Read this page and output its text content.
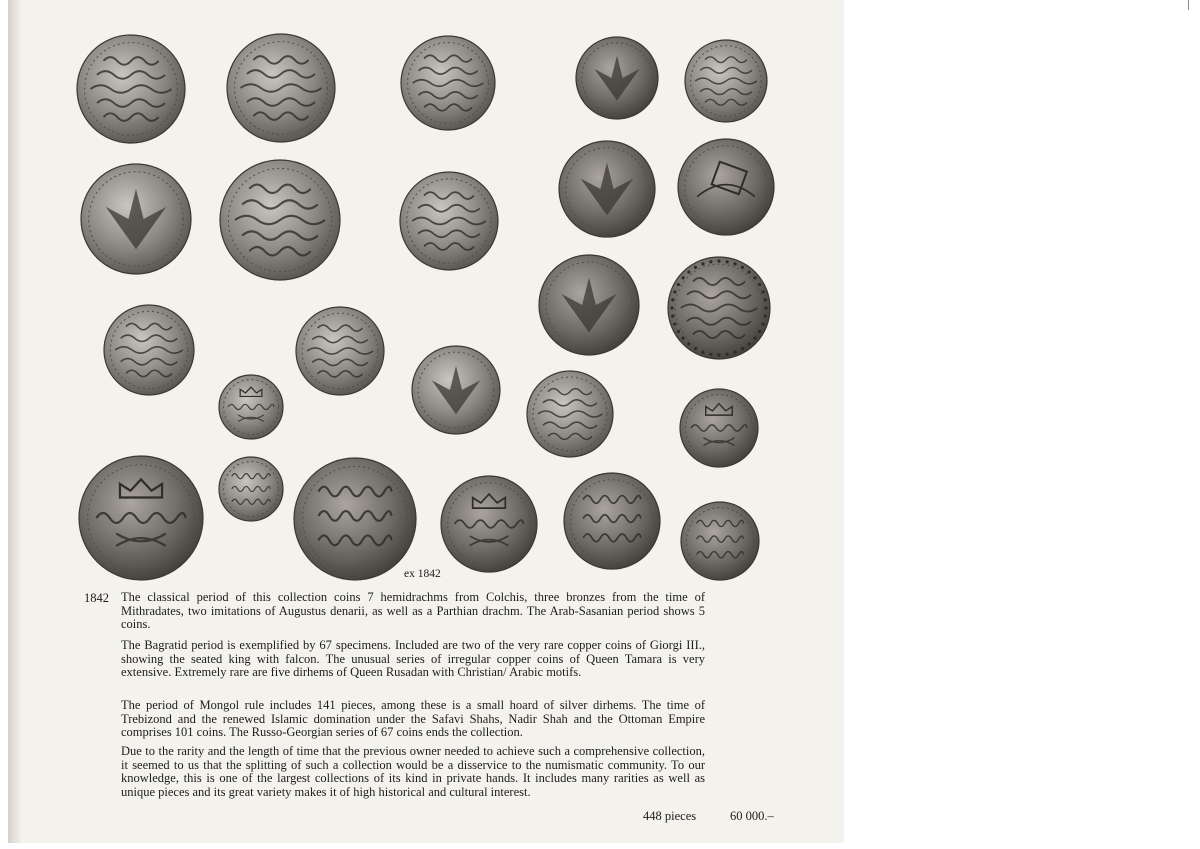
ex 1842
1842 The classical period of this collection coins 7 hemidrachms from Colchis, three bronzes from the time of Mithradates, two imitations of Augustus denarii, as well as a Parthian drachm. The Arab-Sasanian period shows 5 coins.

The Bagratid period is exemplified by 67 specimens. Included are two of the very rare copper coins of Giorgi III., showing the seated king with falcon. The unusual series of irregular copper coins of Queen Tamara is very extensive. Extremely rare are five dirhems of Queen Rusadan with Christian/ Arabic motifs.

The period of Mongol rule includes 141 pieces, among these is a small hoard of silver dirhems. The time of Trebizond and the renewed Islamic domination under the Safavi Shahs, Nadir Shah and the Ottoman Empire comprises 101 coins. The Russo-Georgian series of 67 coins ends the collection.

Due to the rarity and the length of time that the previous owner needed to achieve such a comprehensive collection, it seemed to us that the splitting of such a collection would be a disservice to the numismatic community. To our knowledge, this is one of the largest collections of its kind in private hands. It includes many rarities as well as unique pieces and its great variety makes it of high historical and cultural interest.

448 pieces	60 000.–
